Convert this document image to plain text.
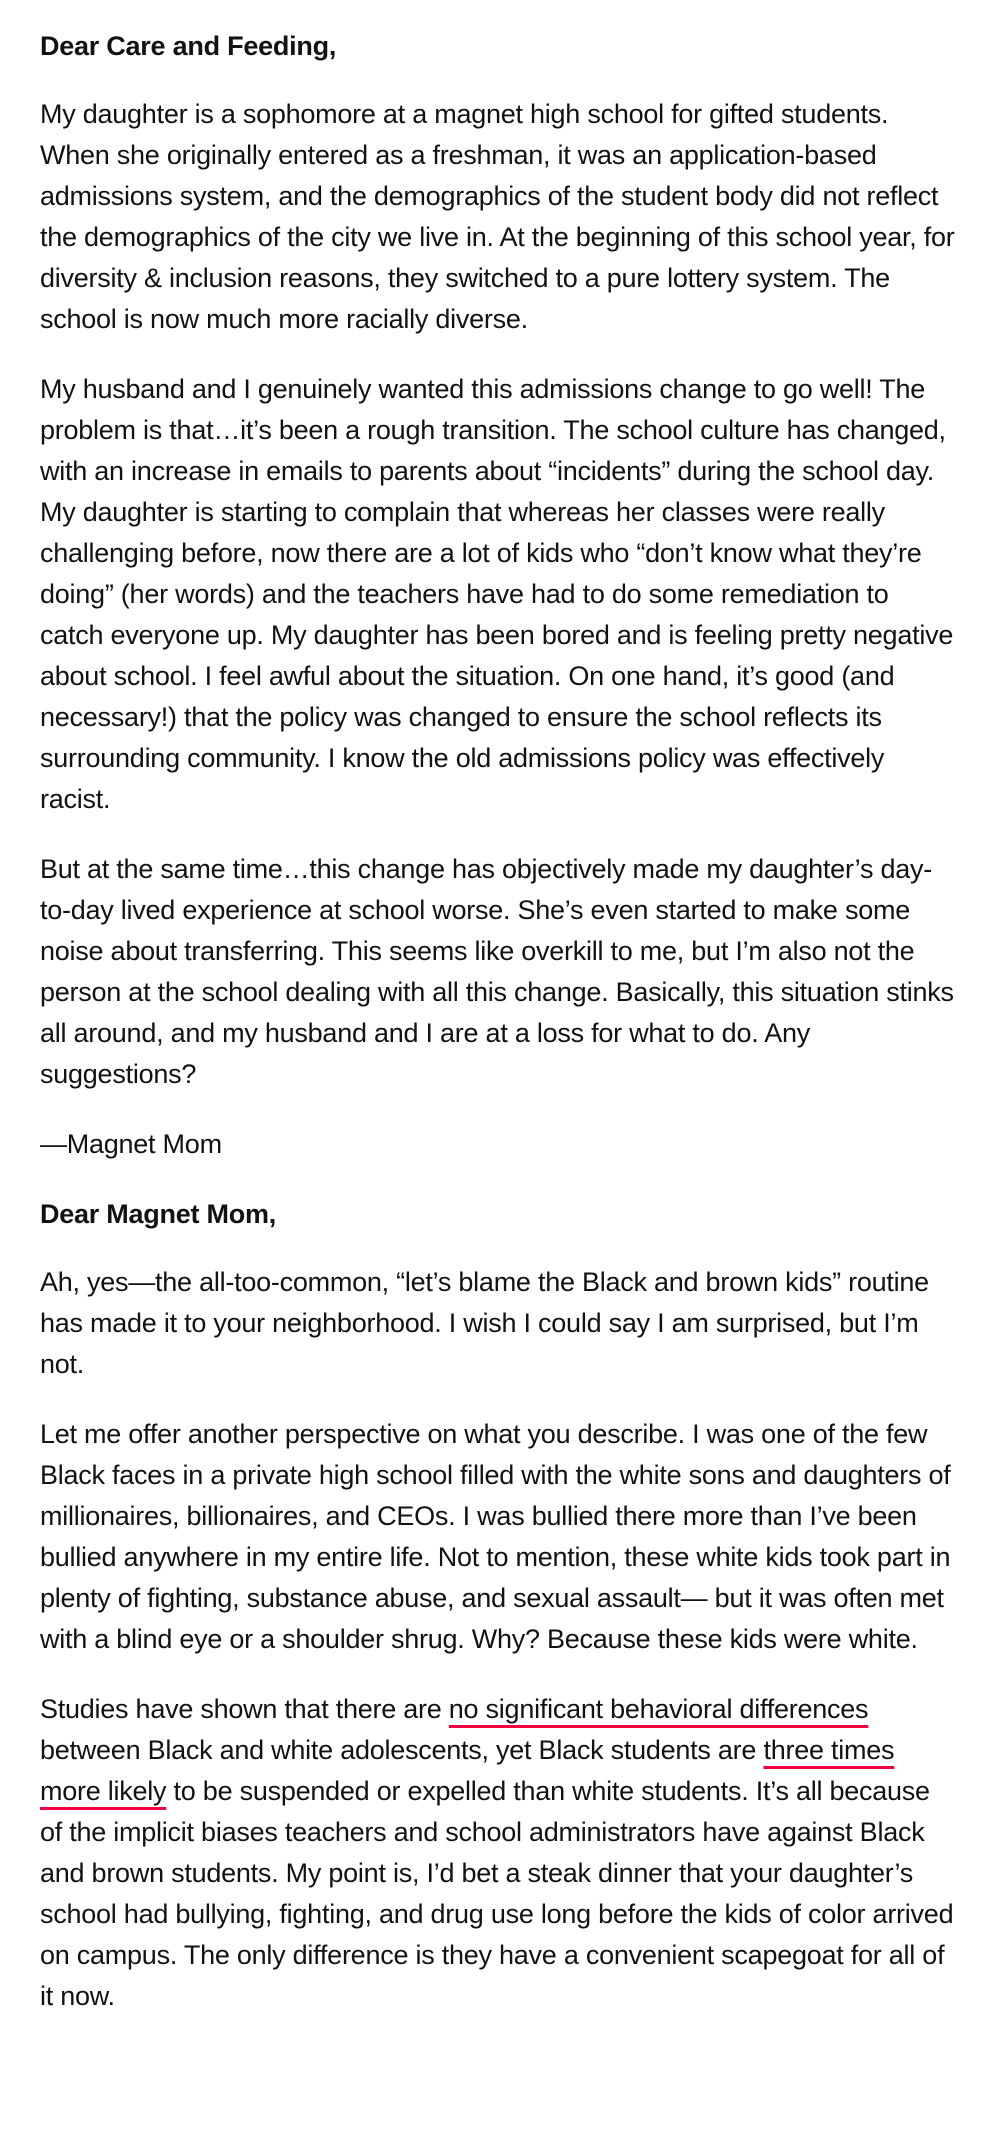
Dear Care and Feeding,

My daughter is a sophomore at a magnet high school for gifted students. When she originally entered as a freshman, it was an application-based admissions system, and the demographics of the student body did not reflect the demographics of the city we live in. At the beginning of this school year, for diversity & inclusion reasons, they switched to a pure lottery system. The school is now much more racially diverse.

My husband and I genuinely wanted this admissions change to go well! The problem is that…it’s been a rough transition. The school culture has changed, with an increase in emails to parents about “incidents” during the school day. My daughter is starting to complain that whereas her classes were really challenging before, now there are a lot of kids who “don’t know what they’re doing” (her words) and the teachers have had to do some remediation to catch everyone up. My daughter has been bored and is feeling pretty negative about school. I feel awful about the situation. On one hand, it’s good (and necessary!) that the policy was changed to ensure the school reflects its surrounding community. I know the old admissions policy was effectively racist.

But at the same time…this change has objectively made my daughter’s day-to-day lived experience at school worse. She’s even started to make some noise about transferring. This seems like overkill to me, but I’m also not the person at the school dealing with all this change. Basically, this situation stinks all around, and my husband and I are at a loss for what to do. Any suggestions?

—Magnet Mom

Dear Magnet Mom,

Ah, yes—the all-too-common, “let’s blame the Black and brown kids” routine has made it to your neighborhood. I wish I could say I am surprised, but I’m not.

Let me offer another perspective on what you describe. I was one of the few Black faces in a private high school filled with the white sons and daughters of millionaires, billionaires, and CEOs. I was bullied there more than I’ve been bullied anywhere in my entire life. Not to mention, these white kids took part in plenty of fighting, substance abuse, and sexual assault— but it was often met with a blind eye or a shoulder shrug. Why? Because these kids were white.

Studies have shown that there are no significant behavioral differences between Black and white adolescents, yet Black students are three times more likely to be suspended or expelled than white students. It’s all because of the implicit biases teachers and school administrators have against Black and brown students. My point is, I’d bet a steak dinner that your daughter’s school had bullying, fighting, and drug use long before the kids of color arrived on campus. The only difference is they have a convenient scapegoat for all of it now.
